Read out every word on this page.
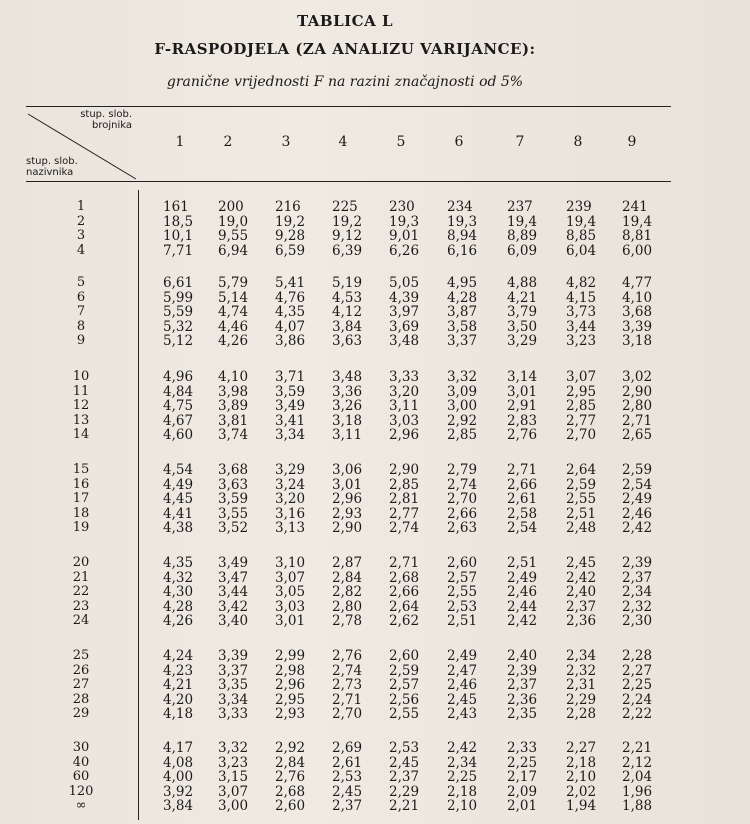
TABLICA L
F-RASPODJELA (ZA ANALIZU VARIJANCE):
granične vrijednosti F na razini značajnosti od 5%
stup. slob.
brojnika
stup. slob.
nazivnika
1	2	3	4	5	6	7	8	9
1	161	200	216	225	230	234	237	239	241
2	18,5	19,0	19,2	19,2	19,3	19,3	19,4	19,4	19,4
3	10,1	9,55	9,28	9,12	9,01	8,94	8,89	8,85	8,81
4	7,71	6,94	6,59	6,39	6,26	6,16	6,09	6,04	6,00
5	6,61	5,79	5,41	5,19	5,05	4,95	4,88	4,82	4,77
6	5,99	5,14	4,76	4,53	4,39	4,28	4,21	4,15	4,10
7	5,59	4,74	4,35	4,12	3,97	3,87	3,79	3,73	3,68
8	5,32	4,46	4,07	3,84	3,69	3,58	3,50	3,44	3,39
9	5,12	4,26	3,86	3,63	3,48	3,37	3,29	3,23	3,18
10	4,96	4,10	3,71	3,48	3,33	3,32	3,14	3,07	3,02
11	4,84	3,98	3,59	3,36	3,20	3,09	3,01	2,95	2,90
12	4,75	3,89	3,49	3,26	3,11	3,00	2,91	2,85	2,80
13	4,67	3,81	3,41	3,18	3,03	2,92	2,83	2,77	2,71
14	4,60	3,74	3,34	3,11	2,96	2,85	2,76	2,70	2,65
15	4,54	3,68	3,29	3,06	2,90	2,79	2,71	2,64	2,59
16	4,49	3,63	3,24	3,01	2,85	2,74	2,66	2,59	2,54
17	4,45	3,59	3,20	2,96	2,81	2,70	2,61	2,55	2,49
18	4,41	3,55	3,16	2,93	2,77	2,66	2,58	2,51	2,46
19	4,38	3,52	3,13	2,90	2,74	2,63	2,54	2,48	2,42
20	4,35	3,49	3,10	2,87	2,71	2,60	2,51	2,45	2,39
21	4,32	3,47	3,07	2,84	2,68	2,57	2,49	2,42	2,37
22	4,30	3,44	3,05	2,82	2,66	2,55	2,46	2,40	2,34
23	4,28	3,42	3,03	2,80	2,64	2,53	2,44	2,37	2,32
24	4,26	3,40	3,01	2,78	2,62	2,51	2,42	2,36	2,30
25	4,24	3,39	2,99	2,76	2,60	2,49	2,40	2,34	2,28
26	4,23	3,37	2,98	2,74	2,59	2,47	2,39	2,32	2,27
27	4,21	3,35	2,96	2,73	2,57	2,46	2,37	2,31	2,25
28	4,20	3,34	2,95	2,71	2,56	2,45	2,36	2,29	2,24
29	4,18	3,33	2,93	2,70	2,55	2,43	2,35	2,28	2,22
30	4,17	3,32	2,92	2,69	2,53	2,42	2,33	2,27	2,21
40	4,08	3,23	2,84	2,61	2,45	2,34	2,25	2,18	2,12
60	4,00	3,15	2,76	2,53	2,37	2,25	2,17	2,10	2,04
120	3,92	3,07	2,68	2,45	2,29	2,18	2,09	2,02	1,96
∞	3,84	3,00	2,60	2,37	2,21	2,10	2,01	1,94	1,88
